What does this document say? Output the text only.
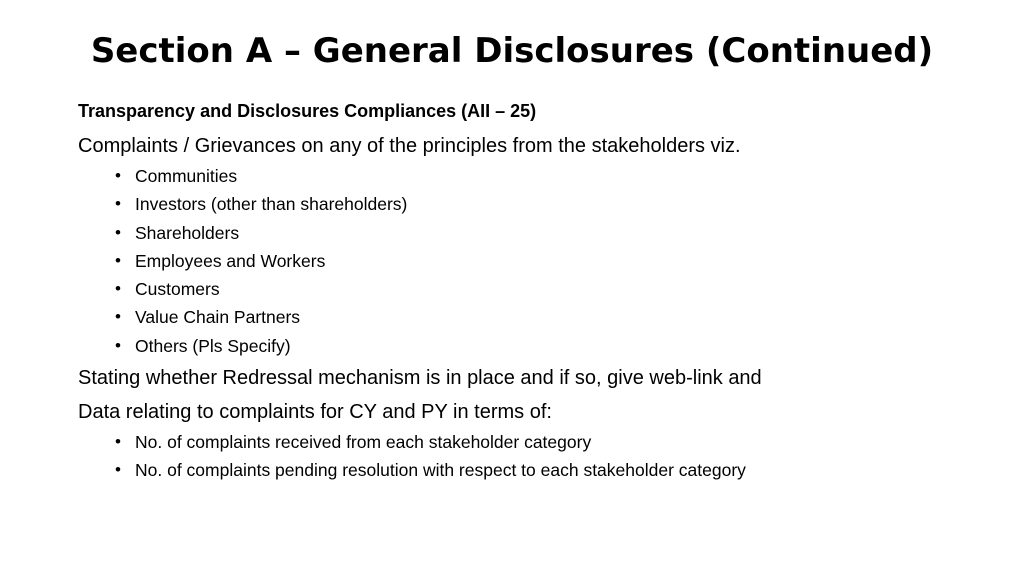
Section A – General Disclosures (Continued)
Transparency and Disclosures Compliances (AII – 25)
Complaints / Grievances on any of the principles from the stakeholders viz.
• Communities
• Investors (other than shareholders)
• Shareholders
• Employees and Workers
• Customers
• Value Chain Partners
• Others (Pls Specify)
Stating whether Redressal mechanism is in place and if so, give web-link and
Data relating to complaints for CY and PY in terms of:
• No. of complaints received from each stakeholder category
• No. of complaints pending resolution with respect to each stakeholder category
